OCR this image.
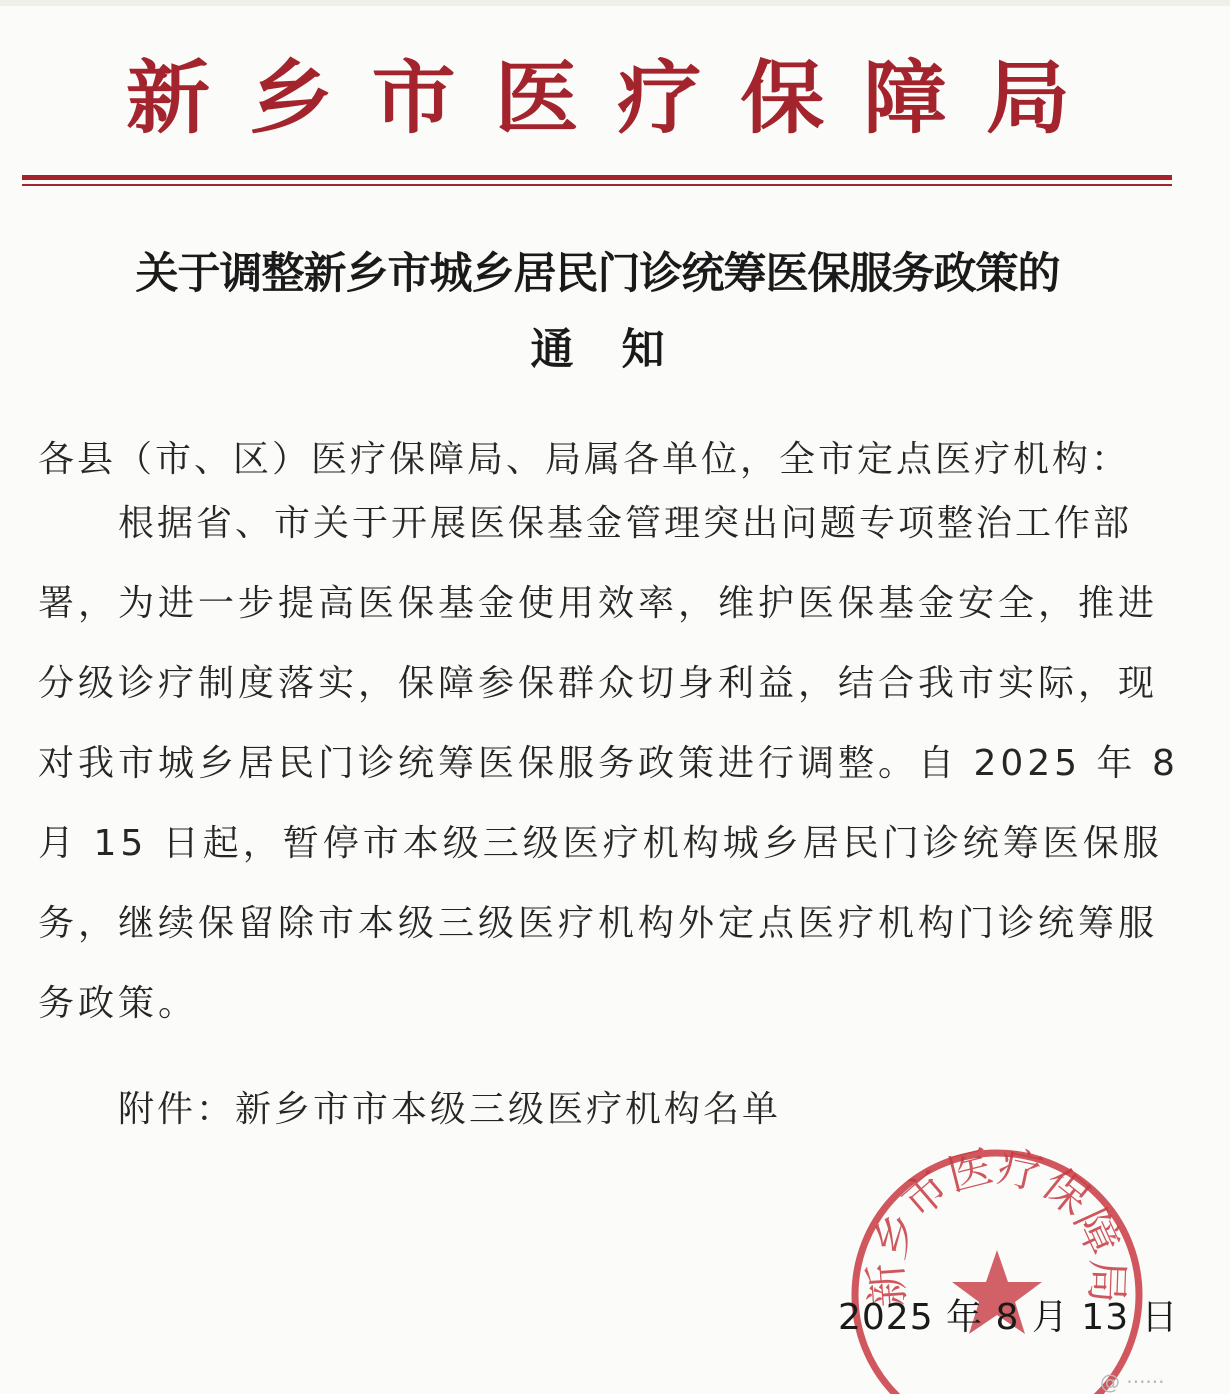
新 乡 市 医 疗 保 障 局
关于调整新乡市城乡居民门诊统筹医保服务政策的
通知
各县（市、区）医疗保障局、局属各单位，全市定点医疗机构：
根据省、市关于开展医保基金管理突出问题专项整治工作部
署，为进一步提高医保基金使用效率，维护医保基金安全，推进
分级诊疗制度落实，保障参保群众切身利益，结合我市实际，现
对我市城乡居民门诊统筹医保服务政策进行调整。自 2025 年 8
月 15 日起，暂停市本级三级医疗机构城乡居民门诊统筹医保服
务，继续保留除市本级三级医疗机构外定点医疗机构门诊统筹服
务政策。
附件：新乡市市本级三级医疗机构名单
新乡市医疗保障局
2025 年 8 月 13 日
@ ······
